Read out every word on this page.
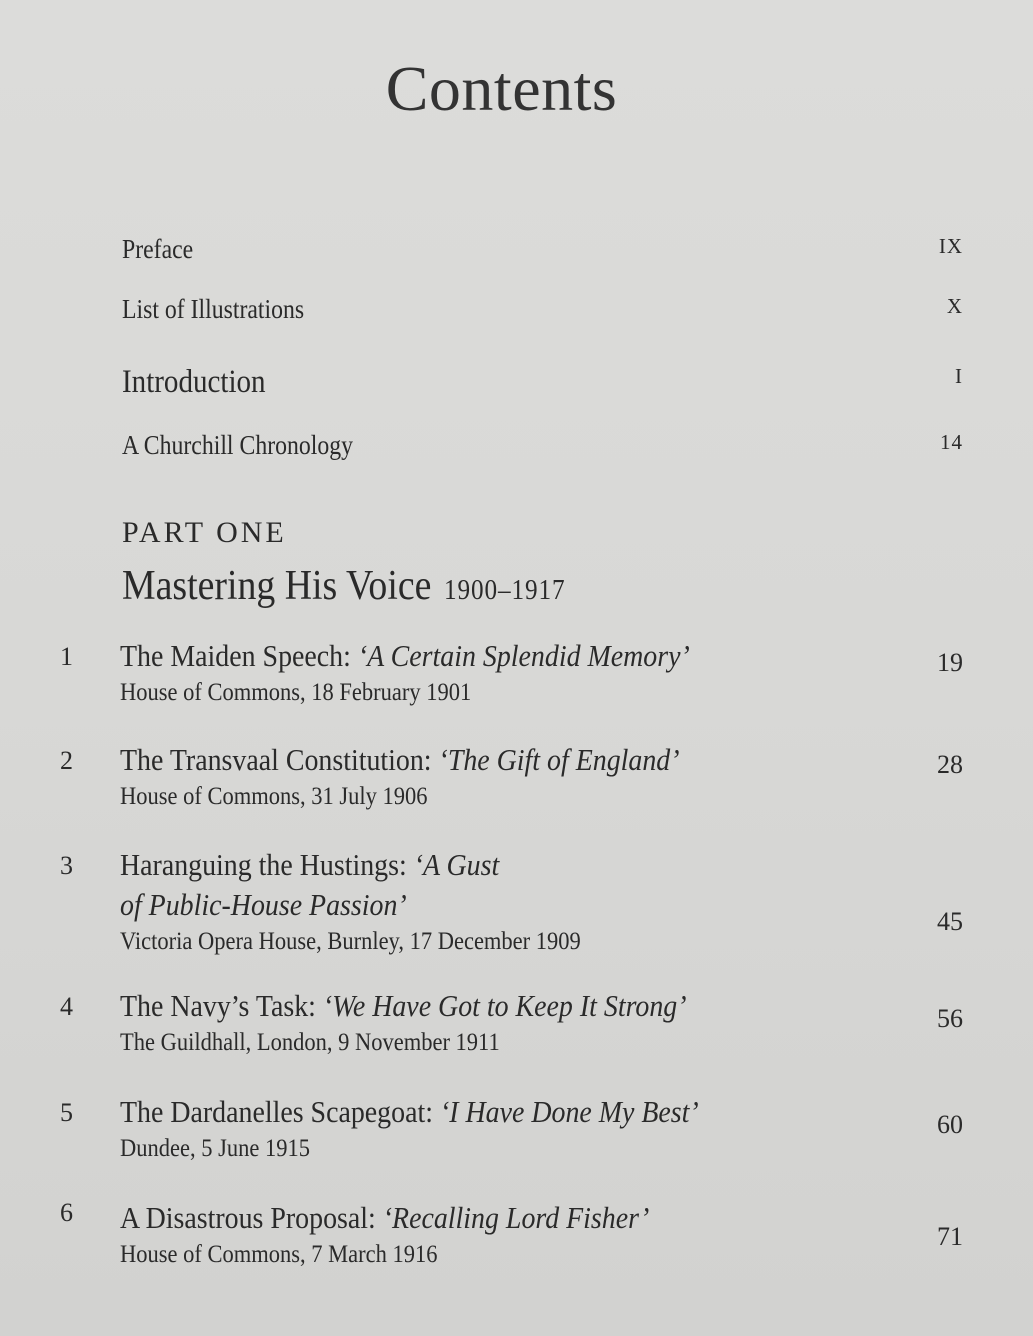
Contents
Preface	IX
List of Illustrations	X
Introduction	I
A Churchill Chronology	14
PART ONE
Mastering His Voice 1900–1917
1	The Maiden Speech: ‘A Certain Splendid Memory’
House of Commons, 18 February 1901
19
2	The Transvaal Constitution: ‘The Gift of England’
House of Commons, 31 July 1906
28
3	Haranguing the Hustings: ‘A Gust
of Public-House Passion’
Victoria Opera House, Burnley, 17 December 1909
45
4	The Navy’s Task: ‘We Have Got to Keep It Strong’
The Guildhall, London, 9 November 1911
56
5	The Dardanelles Scapegoat: ‘I Have Done My Best’
Dundee, 5 June 1915
60
6	A Disastrous Proposal: ‘Recalling Lord Fisher’
House of Commons, 7 March 1916
71
